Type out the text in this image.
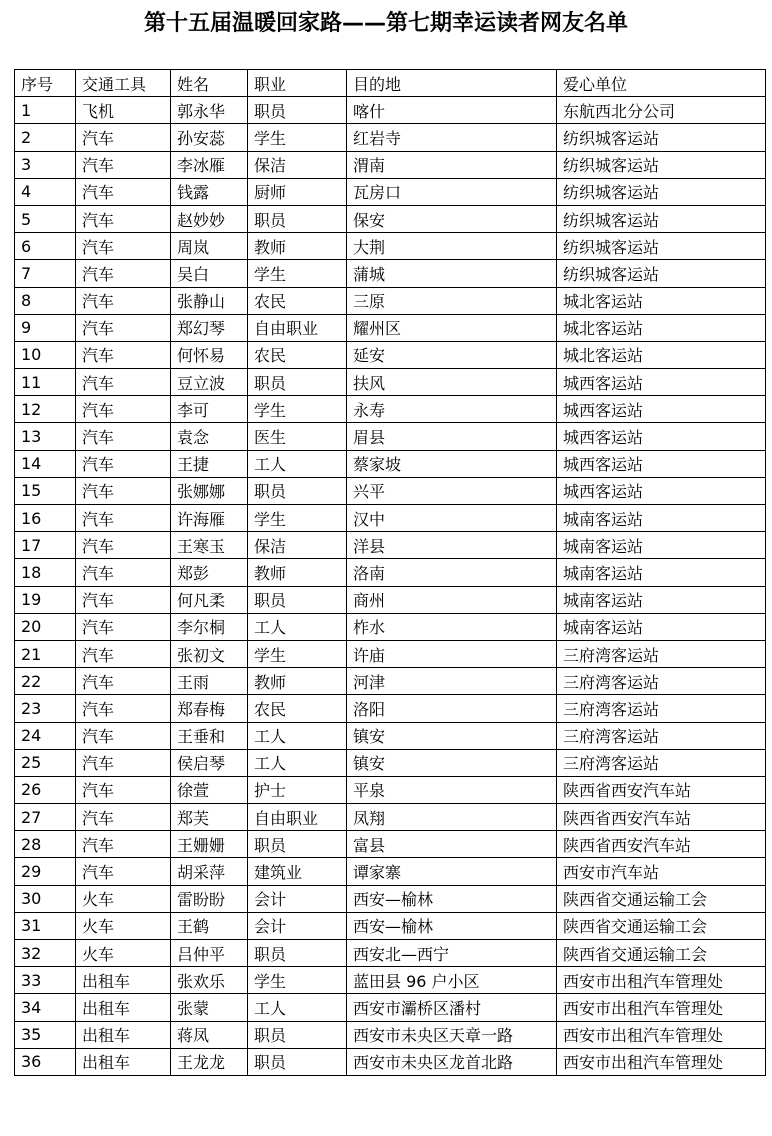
第十五届温暖回家路——第七期幸运读者网友名单
序号	交通工具	姓名	职业	目的地	爱心单位
1	飞机	郭永华	职员	喀什	东航西北分公司
2	汽车	孙安蕊	学生	红岩寺	纺织城客运站
3	汽车	李冰雁	保洁	渭南	纺织城客运站
4	汽车	钱露	厨师	瓦房口	纺织城客运站
5	汽车	赵妙妙	职员	保安	纺织城客运站
6	汽车	周岚	教师	大荆	纺织城客运站
7	汽车	吴白	学生	蒲城	纺织城客运站
8	汽车	张静山	农民	三原	城北客运站
9	汽车	郑幻琴	自由职业	耀州区	城北客运站
10	汽车	何怀易	农民	延安	城北客运站
11	汽车	豆立波	职员	扶风	城西客运站
12	汽车	李可	学生	永寿	城西客运站
13	汽车	袁念	医生	眉县	城西客运站
14	汽车	王捷	工人	蔡家坡	城西客运站
15	汽车	张娜娜	职员	兴平	城西客运站
16	汽车	许海雁	学生	汉中	城南客运站
17	汽车	王寒玉	保洁	洋县	城南客运站
18	汽车	郑彭	教师	洛南	城南客运站
19	汽车	何凡柔	职员	商州	城南客运站
20	汽车	李尔桐	工人	柞水	城南客运站
21	汽车	张初文	学生	许庙	三府湾客运站
22	汽车	王雨	教师	河津	三府湾客运站
23	汽车	郑春梅	农民	洛阳	三府湾客运站
24	汽车	王垂和	工人	镇安	三府湾客运站
25	汽车	侯启琴	工人	镇安	三府湾客运站
26	汽车	徐萱	护士	平泉	陕西省西安汽车站
27	汽车	郑芙	自由职业	凤翔	陕西省西安汽车站
28	汽车	王姗姗	职员	富县	陕西省西安汽车站
29	汽车	胡采萍	建筑业	谭家寨	西安市汽车站
30	火车	雷盼盼	会计	西安—榆林	陕西省交通运输工会
31	火车	王鹤	会计	西安—榆林	陕西省交通运输工会
32	火车	吕仲平	职员	西安北—西宁	陕西省交通运输工会
33	出租车	张欢乐	学生	蓝田县 96 户小区	西安市出租汽车管理处
34	出租车	张蒙	工人	西安市灞桥区潘村	西安市出租汽车管理处
35	出租车	蒋凤	职员	西安市未央区天章一路	西安市出租汽车管理处
36	出租车	王龙龙	职员	西安市未央区龙首北路	西安市出租汽车管理处
